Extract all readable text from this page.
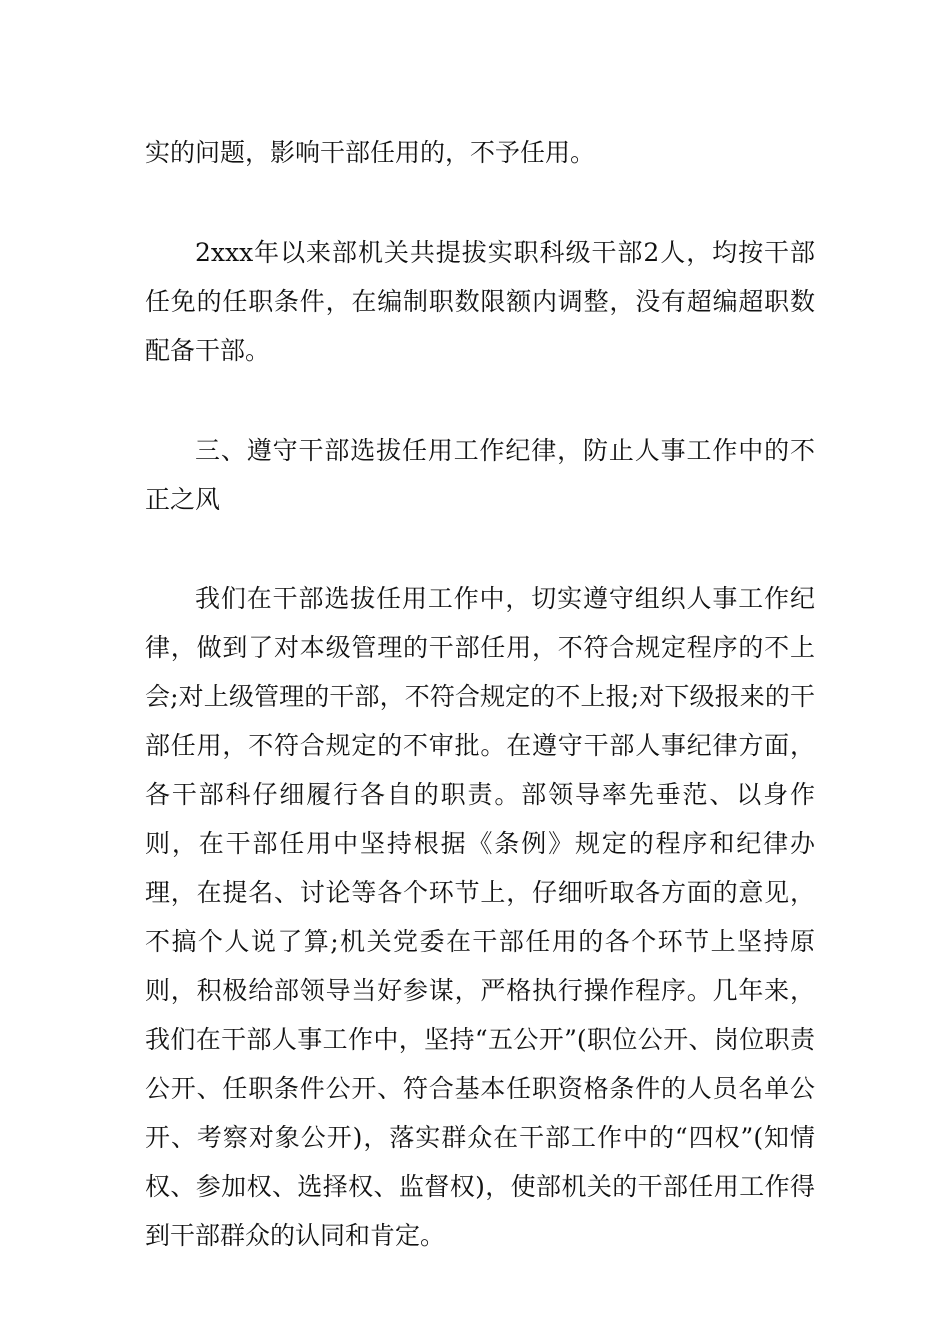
实的问题，影响干部任用的，不予任用。

2xxx年以来部机关共提拔实职科级干部2人，均按干部任免的任职条件，在编制职数限额内调整，没有超编超职数配备干部。

三、遵守干部选拔任用工作纪律，防止人事工作中的不正之风

我们在干部选拔任用工作中，切实遵守组织人事工作纪律，做到了对本级管理的干部任用，不符合规定程序的不上会;对上级管理的干部，不符合规定的不上报;对下级报来的干部任用，不符合规定的不审批。在遵守干部人事纪律方面，各干部科仔细履行各自的职责。部领导率先垂范、以身作则，在干部任用中坚持根据《条例》规定的程序和纪律办理，在提名、讨论等各个环节上，仔细听取各方面的意见，不搞个人说了算;机关党委在干部任用的各个环节上坚持原则，积极给部领导当好参谋，严格执行操作程序。几年来，我们在干部人事工作中，坚持“五公开”(职位公开、岗位职责公开、任职条件公开、符合基本任职资格条件的人员名单公开、考察对象公开)，落实群众在干部工作中的“四权”(知情权、参加权、选择权、监督权)，使部机关的干部任用工作得到干部群众的认同和肯定。
